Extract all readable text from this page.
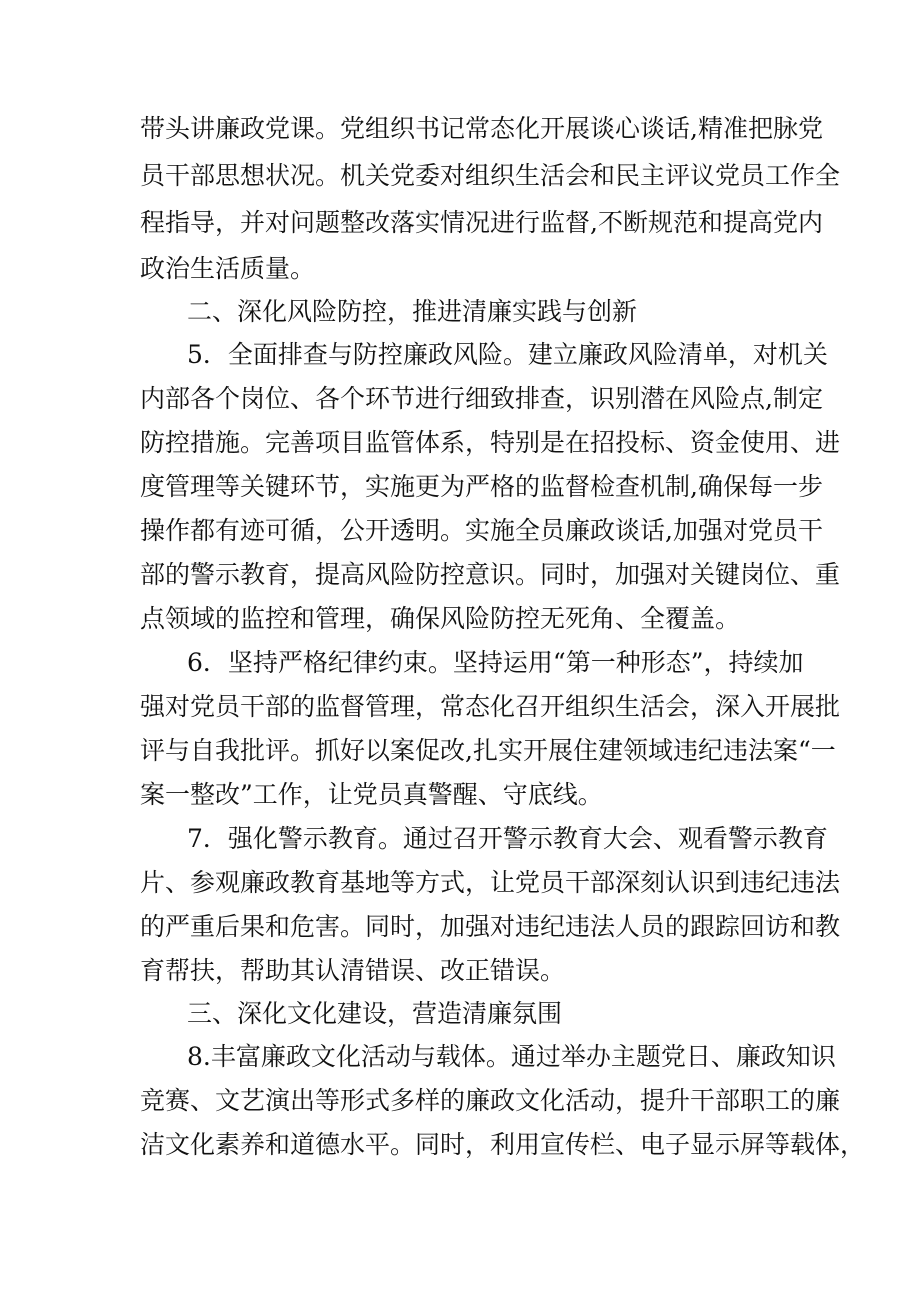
带头讲廉政党课。党组织书记常态化开展谈心谈话,精准把脉党
员干部思想状况。机关党委对组织生活会和民主评议党员工作全
程指导，并对问题整改落实情况进行监督,不断规范和提高党内
政治生活质量。
二、深化风险防控，推进清廉实践与创新
5．全面排查与防控廉政风险。建立廉政风险清单，对机关
内部各个岗位、各个环节进行细致排查，识别潜在风险点,制定
防控措施。完善项目监管体系，特别是在招投标、资金使用、进
度管理等关键环节，实施更为严格的监督检查机制,确保每一步
操作都有迹可循，公开透明。实施全员廉政谈话,加强对党员干
部的警示教育，提高风险防控意识。同时，加强对关键岗位、重
点领域的监控和管理，确保风险防控无死角、全覆盖。
6．坚持严格纪律约束。坚持运用“第一种形态”，持续加
强对党员干部的监督管理，常态化召开组织生活会，深入开展批
评与自我批评。抓好以案促改,扎实开展住建领域违纪违法案“一
案一整改”工作，让党员真警醒、守底线。
7．强化警示教育。通过召开警示教育大会、观看警示教育
片、参观廉政教育基地等方式，让党员干部深刻认识到违纪违法
的严重后果和危害。同时，加强对违纪违法人员的跟踪回访和教
育帮扶，帮助其认清错误、改正错误。
三、深化文化建设，营造清廉氛围
8.丰富廉政文化活动与载体。通过举办主题党日、廉政知识
竞赛、文艺演出等形式多样的廉政文化活动，提升干部职工的廉
洁文化素养和道德水平。同时，利用宣传栏、电子显示屏等载体，
